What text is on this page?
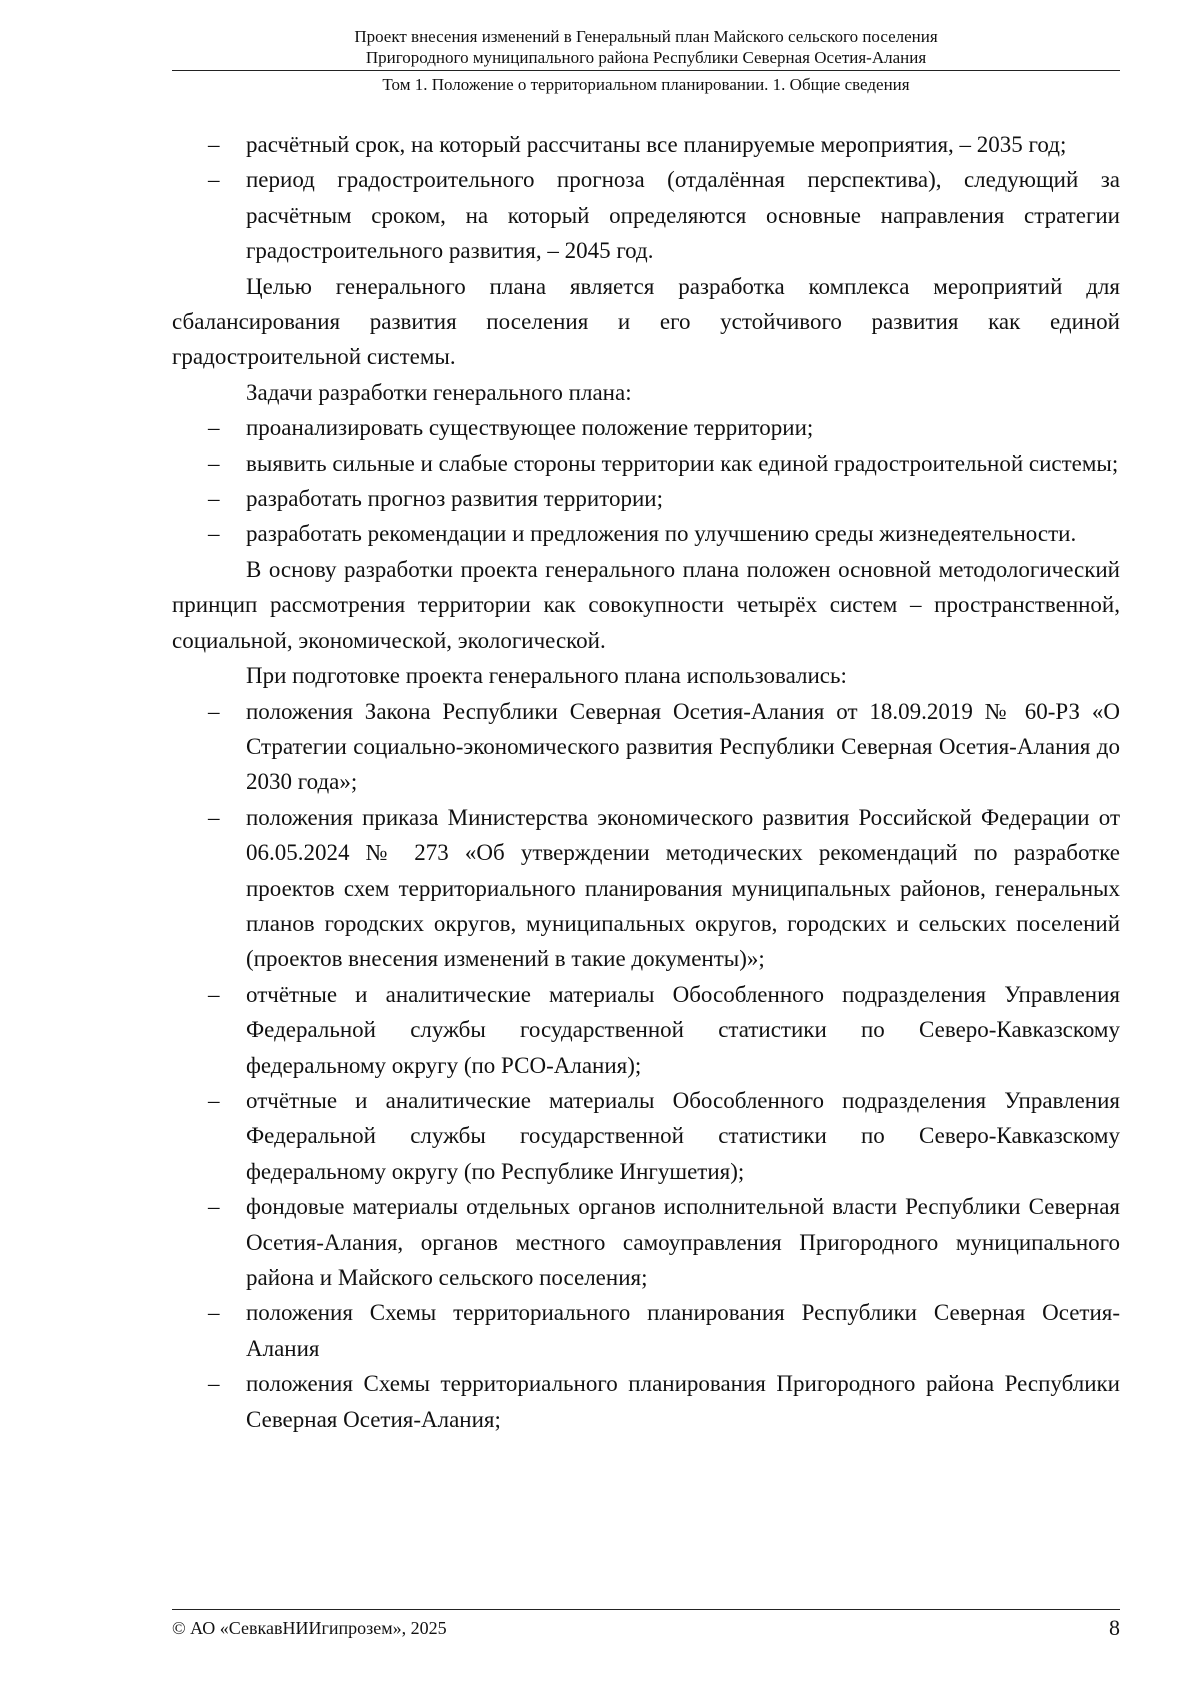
Проект внесения изменений в Генеральный план Майского сельского поселения
Пригородного муниципального района Республики Северная Осетия-Алания
Том 1. Положение о территориальном планировании. 1. Общие сведения
– расчётный срок, на который рассчитаны все планируемые мероприятия, – 2035 год;
– период градостроительного прогноза (отдалённая перспектива), следующий за расчётным сроком, на который определяются основные направления стратегии градостроительного развития, – 2045 год.

Целью генерального плана является разработка комплекса мероприятий для сбалансирования развития поселения и его устойчивого развития как единой градостроительной системы.

Задачи разработки генерального плана:

– проанализировать существующее положение территории;
– выявить сильные и слабые стороны территории как единой градостроительной системы;
– разработать прогноз развития территории;
– разработать рекомендации и предложения по улучшению среды жизнедеятельности.

В основу разработки проекта генерального плана положен основной методологический принцип рассмотрения территории как совокупности четырёх систем – пространственной, социальной, экономической, экологической.

При подготовке проекта генерального плана использовались:

– положения Закона Республики Северная Осетия-Алания от 18.09.2019 № 60-РЗ «О Стратегии социально-экономического развития Республики Северная Осетия-Алания до 2030 года»;
– положения приказа Министерства экономического развития Российской Федерации от 06.05.2024 № 273 «Об утверждении методических рекомендаций по разработке проектов схем территориального планирования муниципальных районов, генеральных планов городских округов, муниципальных округов, городских и сельских поселений (проектов внесения изменений в такие документы)»;
– отчётные и аналитические материалы Обособленного подразделения Управления Федеральной службы государственной статистики по Северо-Кавказскому федеральному округу (по РСО-Алания);
– отчётные и аналитические материалы Обособленного подразделения Управления Федеральной службы государственной статистики по Северо-Кавказскому федеральному округу (по Республике Ингушетия);
– фондовые материалы отдельных органов исполнительной власти Республики Северная Осетия-Алания, органов местного самоуправления Пригородного муниципального района и Майского сельского поселения;
– положения Схемы территориального планирования Республики Северная Осетия-Алания
– положения Схемы территориального планирования Пригородного района Республики Северная Осетия-Алания;
© АО «СевкавНИИгипрозем», 2025	8
